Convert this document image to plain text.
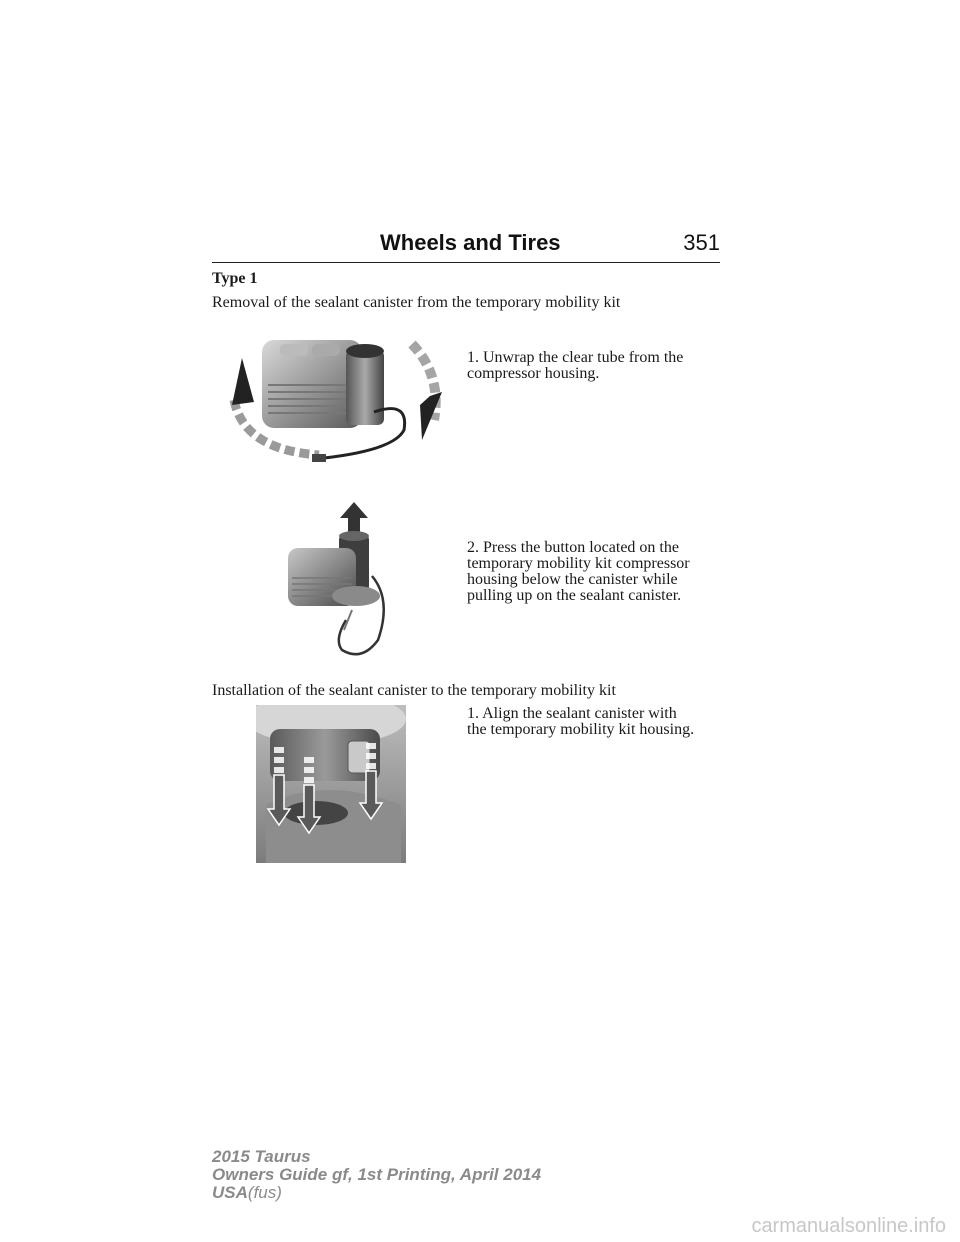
Wheels and Tires	351
Type 1
Removal of the sealant canister from the temporary mobility kit
1. Unwrap the clear tube from the
compressor housing.
2. Press the button located on the
temporary mobility kit compressor
housing below the canister while
pulling up on the sealant canister.
Installation of the sealant canister to the temporary mobility kit
1. Align the sealant canister with
the temporary mobility kit housing.
2015 Taurus
Owners Guide gf, 1st Printing, April 2014
USA(fus)
carmanualsonline.info
